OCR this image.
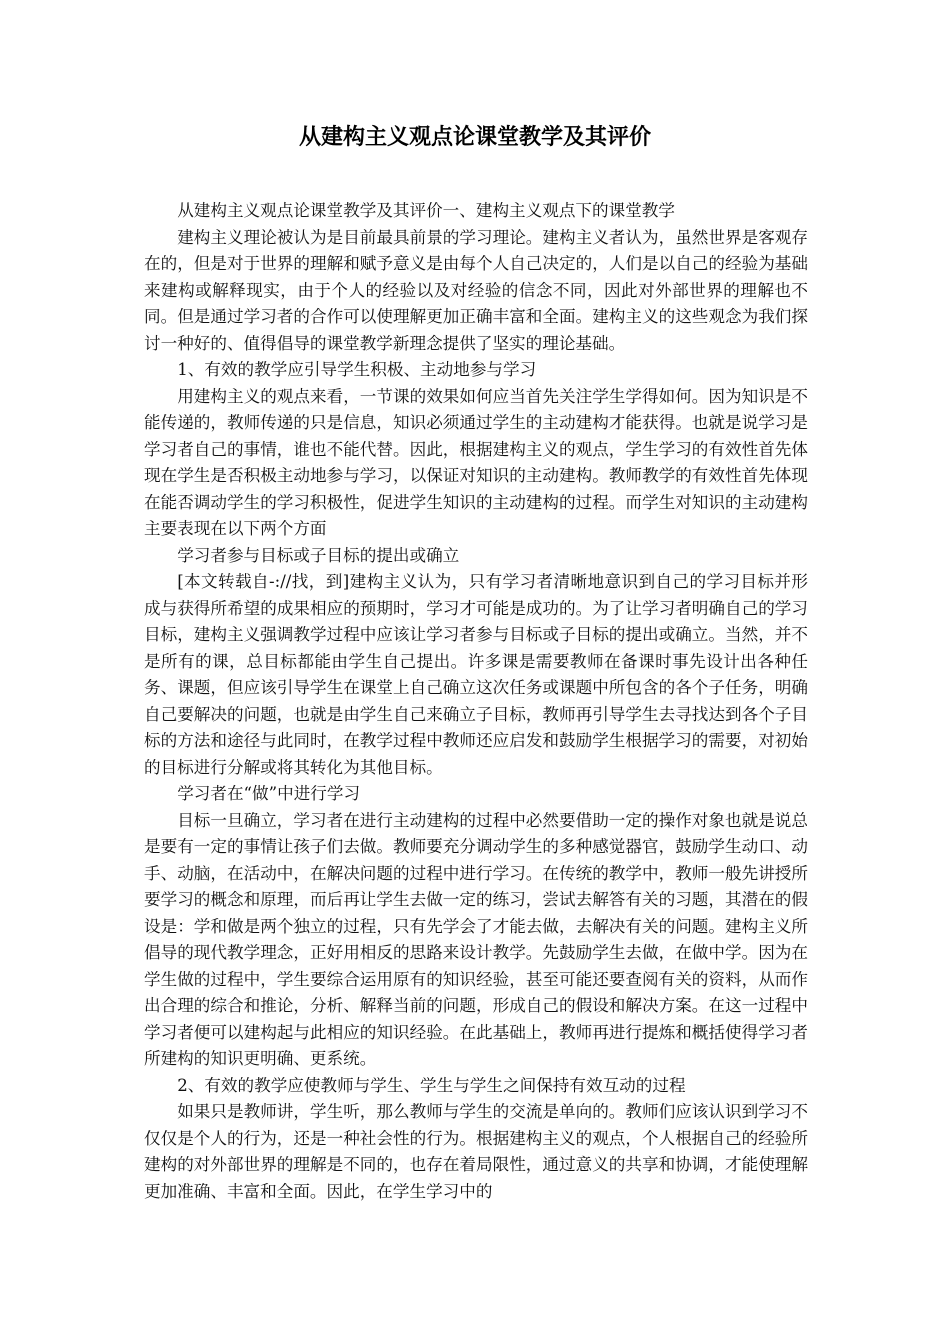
从建构主义观点论课堂教学及其评价

从建构主义观点论课堂教学及其评价一、建构主义观点下的课堂教学

建构主义理论被认为是目前最具前景的学习理论。建构主义者认为，虽然世界是客观存在的，但是对于世界的理解和赋予意义是由每个人自己决定的，人们是以自己的经验为基础来建构或解释现实，由于个人的经验以及对经验的信念不同，因此对外部世界的理解也不同。但是通过学习者的合作可以使理解更加正确丰富和全面。建构主义的这些观念为我们探讨一种好的、值得倡导的课堂教学新理念提供了坚实的理论基础。

1、有效的教学应引导学生积极、主动地参与学习

用建构主义的观点来看，一节课的效果如何应当首先关注学生学得如何。因为知识是不能传递的，教师传递的只是信息，知识必须通过学生的主动建构才能获得。也就是说学习是学习者自己的事情，谁也不能代替。因此，根据建构主义的观点，学生学习的有效性首先体现在学生是否积极主动地参与学习，以保证对知识的主动建构。教师教学的有效性首先体现在能否调动学生的学习积极性，促进学生知识的主动建构的过程。而学生对知识的主动建构主要表现在以下两个方面

学习者参与目标或子目标的提出或确立

[本文转载自-://找，到]建构主义认为，只有学习者清晰地意识到自己的学习目标并形成与获得所希望的成果相应的预期时，学习才可能是成功的。为了让学习者明确自己的学习目标，建构主义强调教学过程中应该让学习者参与目标或子目标的提出或确立。当然，并不是所有的课，总目标都能由学生自己提出。许多课是需要教师在备课时事先设计出各种任务、课题，但应该引导学生在课堂上自己确立这次任务或课题中所包含的各个子任务，明确自己要解决的问题，也就是由学生自己来确立子目标，教师再引导学生去寻找达到各个子目标的方法和途径与此同时，在教学过程中教师还应启发和鼓励学生根据学习的需要，对初始的目标进行分解或将其转化为其他目标。

学习者在“做”中进行学习

目标一旦确立，学习者在进行主动建构的过程中必然要借助一定的操作对象也就是说总是要有一定的事情让孩子们去做。教师要充分调动学生的多种感觉器官，鼓励学生动口、动手、动脑，在活动中，在解决问题的过程中进行学习。在传统的教学中，教师一般先讲授所要学习的概念和原理，而后再让学生去做一定的练习，尝试去解答有关的习题，其潜在的假设是：学和做是两个独立的过程，只有先学会了才能去做，去解决有关的问题。建构主义所倡导的现代教学理念，正好用相反的思路来设计教学。先鼓励学生去做，在做中学。因为在学生做的过程中，学生要综合运用原有的知识经验，甚至可能还要查阅有关的资料，从而作出合理的综合和推论，分析、解释当前的问题，形成自己的假设和解决方案。在这一过程中学习者便可以建构起与此相应的知识经验。在此基础上，教师再进行提炼和概括使得学习者所建构的知识更明确、更系统。

2、有效的教学应使教师与学生、学生与学生之间保持有效互动的过程

如果只是教师讲，学生听，那么教师与学生的交流是单向的。教师们应该认识到学习不仅仅是个人的行为，还是一种社会性的行为。根据建构主义的观点，个人根据自己的经验所建构的对外部世界的理解是不同的，也存在着局限性，通过意义的共享和协调，才能使理解更加准确、丰富和全面。因此，在学生学习中的
